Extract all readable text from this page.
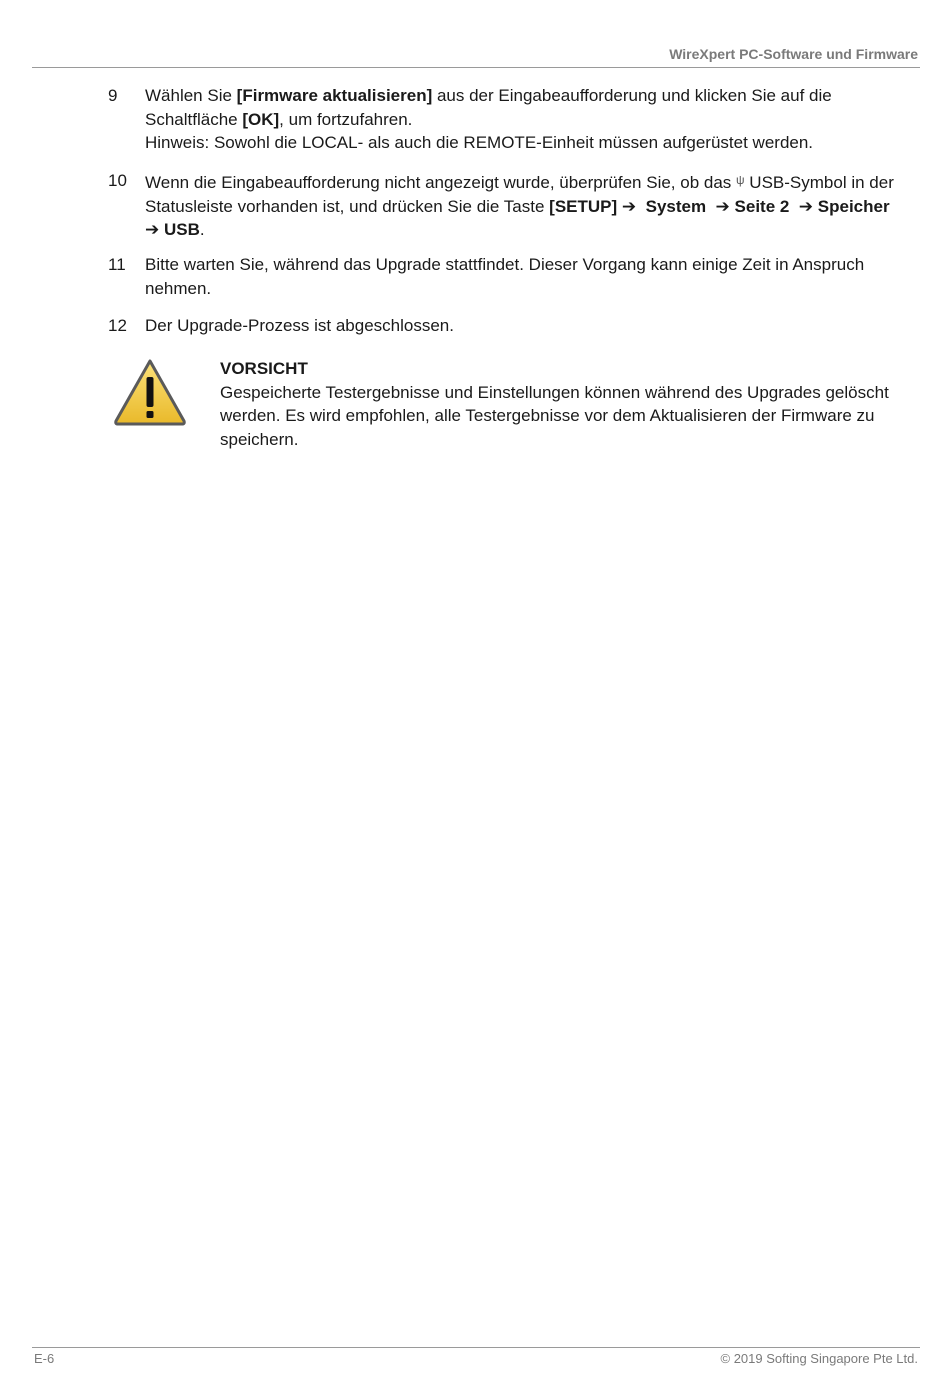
WireXpert PC-Software und Firmware
9 Wählen Sie [Firmware aktualisieren] aus der Eingabeaufforderung und klicken Sie auf die Schaltfläche [OK], um fortzufahren.
Hinweis: Sowohl die LOCAL- als auch die REMOTE-Einheit müssen aufgerüstet werden.
10 Wenn die Eingabeaufforderung nicht angezeigt wurde, überprüfen Sie, ob das $^\psi$ USB-Symbol in der Statusleiste vorhanden ist, und drücken Sie die Taste [SETUP] ➔ System ➔ Seite 2 ➔ Speicher
➔ USB.
11 Bitte warten Sie, während das Upgrade stattfindet. Dieser Vorgang kann einige Zeit in Anspruch nehmen.
12 Der Upgrade-Prozess ist abgeschlossen.
VORSICHT
Gespeicherte Testergebnisse und Einstellungen können während des Upgrades gelöscht werden. Es wird empfohlen, alle Testergebnisse vor dem Aktualisieren der Firmware zu speichern.
E-6	© 2019 Softing Singapore Pte Ltd.
